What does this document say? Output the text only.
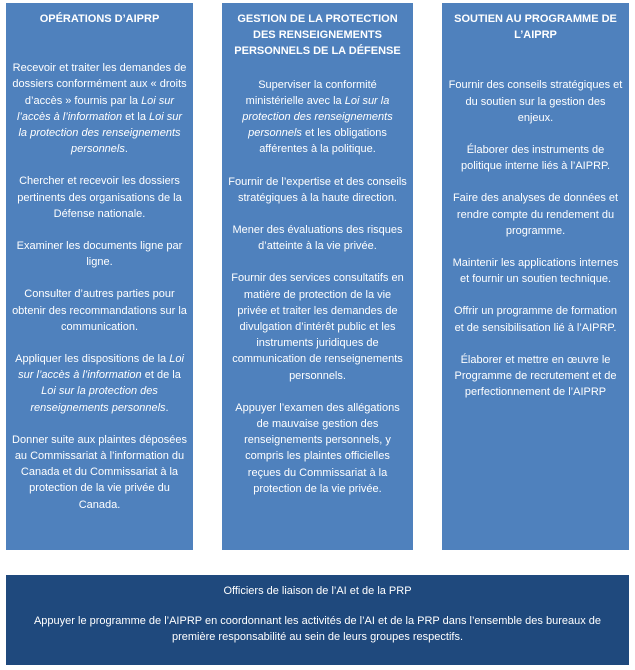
OPÉRATIONS D’AIPRP

Recevoir et traiter les demandes de dossiers conformément aux « droits d’accès » fournis par la Loi sur l’accès à l’information et la Loi sur la protection des renseignements personnels.

Chercher et recevoir les dossiers pertinents des organisations de la Défense nationale.

Examiner les documents ligne par ligne.

Consulter d’autres parties pour obtenir des recommandations sur la communication.

Appliquer les dispositions de la Loi sur l’accès à l’information et de la Loi sur la protection des renseignements personnels.

Donner suite aux plaintes déposées au Commissariat à l’information du Canada et du Commissariat à la protection de la vie privée du Canada.

GESTION DE LA PROTECTION DES RENSEIGNEMENTS PERSONNELS DE LA DÉFENSE

Superviser la conformité ministérielle avec la Loi sur la protection des renseignements personnels et les obligations afférentes à la politique.

Fournir de l’expertise et des conseils stratégiques à la haute direction.

Mener des évaluations des risques d’atteinte à la vie privée.

Fournir des services consultatifs en matière de protection de la vie privée et traiter les demandes de divulgation d’intérêt public et les instruments juridiques de communication de renseignements personnels.

Appuyer l’examen des allégations de mauvaise gestion des renseignements personnels, y compris les plaintes officielles reçues du Commissariat à la protection de la vie privée.

SOUTIEN AU PROGRAMME DE L’AIPRP

Fournir des conseils stratégiques et du soutien sur la gestion des enjeux.

Élaborer des instruments de politique interne liés à l’AIPRP.

Faire des analyses de données et rendre compte du rendement du programme.

Maintenir les applications internes et fournir un soutien technique.

Offrir un programme de formation et de sensibilisation lié à l’AIPRP.

Élaborer et mettre en œuvre le Programme de recrutement et de perfectionnement de l’AIPRP

Officiers de liaison de l’AI et de la PRP

Appuyer le programme de l’AIPRP en coordonnant les activités de l’AI et de la PRP dans l’ensemble des bureaux de première responsabilité au sein de leurs groupes respectifs.
